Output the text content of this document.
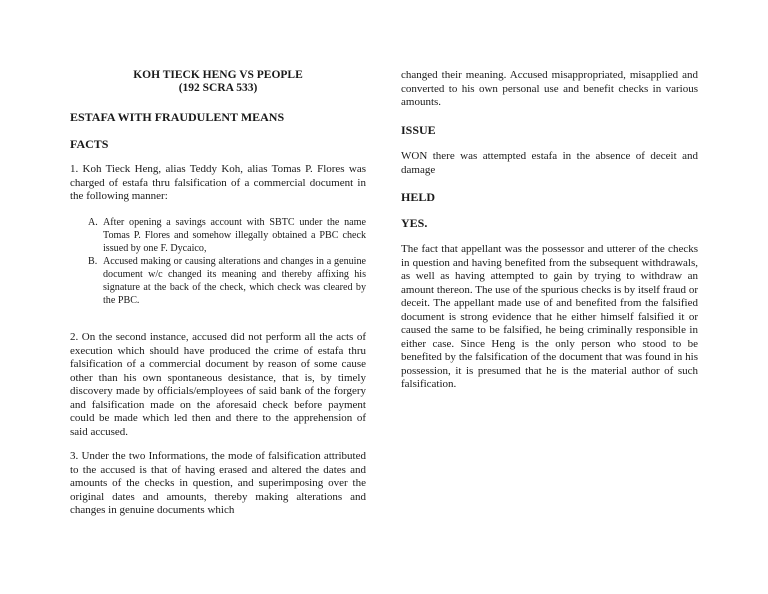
KOH TIECK HENG VS PEOPLE

(192 SCRA 533)

ESTAFA WITH FRAUDULENT MEANS

FACTS

1. Koh Tieck Heng, alias Teddy Koh, alias Tomas P. Flores was charged of estafa thru falsification of a commercial document in the following manner:

A. After opening a savings account with SBTC under the name Tomas P. Flores and somehow illegally obtained a PBC check issued by one F. Dycaico,
B. Accused making or causing alterations and changes in a genuine document w/c changed its meaning and thereby affixing his signature at the back of the check, which check was cleared by the PBC.

2. On the second instance, accused did not perform all the acts of execution which should have produced the crime of estafa thru falsification of a commercial document by reason of some cause other than his own spontaneous desistance, that is, by timely discovery made by officials/employees of said bank of the forgery and falsification made on the aforesaid check before payment could be made which led then and there to the apprehension of said accused.

3. Under the two Informations, the mode of falsification attributed to the accused is that of having erased and altered the dates and amounts of the checks in question, and superimposing over the original dates and amounts, thereby making alterations and changes in genuine documents which

changed their meaning. Accused misappropriated, misapplied and converted to his own personal use and benefit checks in various amounts.

ISSUE

WON there was attempted estafa in the absence of deceit and damage

HELD

YES.

The fact that appellant was the possessor and utterer of the checks in question and having benefited from the subsequent withdrawals, as well as having attempted to gain by trying to withdraw an amount thereon. The use of the spurious checks is by itself fraud or deceit. The appellant made use of and benefited from the falsified document is strong evidence that he either himself falsified it or caused the same to be falsified, he being criminally responsible in either case. Since Heng is the only person who stood to be benefited by the falsification of the document that was found in his possession, it is presumed that he is the material author of such falsification.
